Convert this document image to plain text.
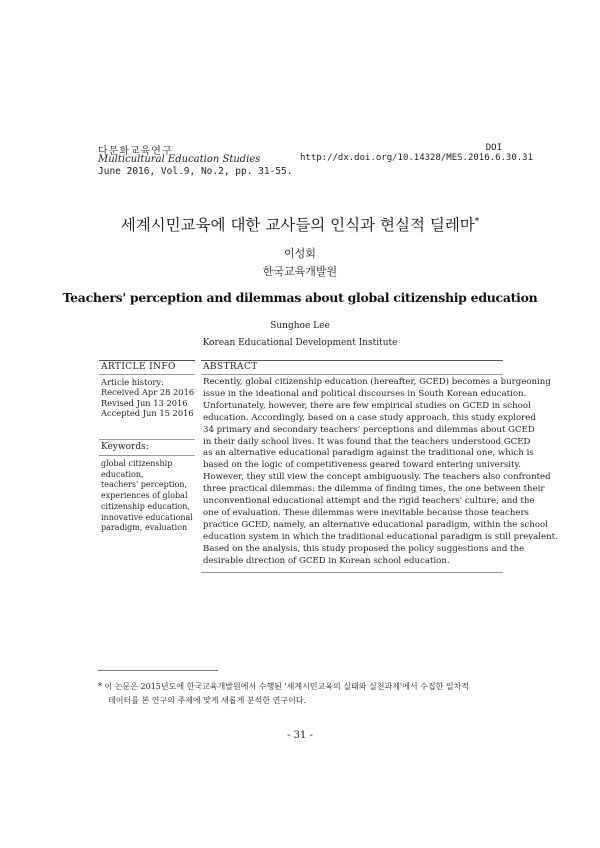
다문화교육연구
Multicultural Education Studies
June 2016, Vol.9, No.2, pp. 31-55.
DOI http://dx.doi.org/10.14328/MES.2016.6.30.31
세계시민교육에 대한 교사들의 인식과 현실적 딜레마*
이성회
한국교육개발원
Teachers' perception and dilemmas about global citizenship education
Sunghoe Lee
Korean Educational Development Institute
ARTICLE INFO	ABSTRACT
Article history:
Received Apr 28 2016
Revised Jun 13 2016
Accepted Jun 15 2016
Keywords:
global citizenship education,
teachers' perception,
experiences of global
citizenship education,
innovative educational
paradigm, evaluation
Recently, global citizenship education (hereafter, GCED) becomes a burgeoning
issue in the ideational and political discourses in South Korean education.
Unfortunately, however, there are few empirical studies on GCED in school
education. Accordingly, based on a case study approach, this study explored
34 primary and secondary teachers' perceptions and dilemmas about GCED
in their daily school lives. It was found that the teachers understood GCED
as an alternative educational paradigm against the traditional one, which is
based on the logic of competitiveness geared toward entering university.
However, they still view the concept ambiguously. The teachers also confronted
three practical dilemmas: the dilemma of finding times, the one between their
unconventional educational attempt and the rigid teachers' culture, and the
one of evaluation. These dilemmas were inevitable because those teachers
practice GCED, namely, an alternative educational paradigm, within the school
education system in which the traditional educational paradigm is still prevalent.
Based on the analysis, this study proposed the policy suggestions and the
desirable direction of GCED in Korean school education.
* 이 논문은 2015년도에 한국교육개발원에서 수행된 '세계시민교육의 실태와 실천과제'에서 수집한 일차적
데이터를 본 연구의 주제에 맞게 새롭게 분석한 연구이다.
- 31 -
